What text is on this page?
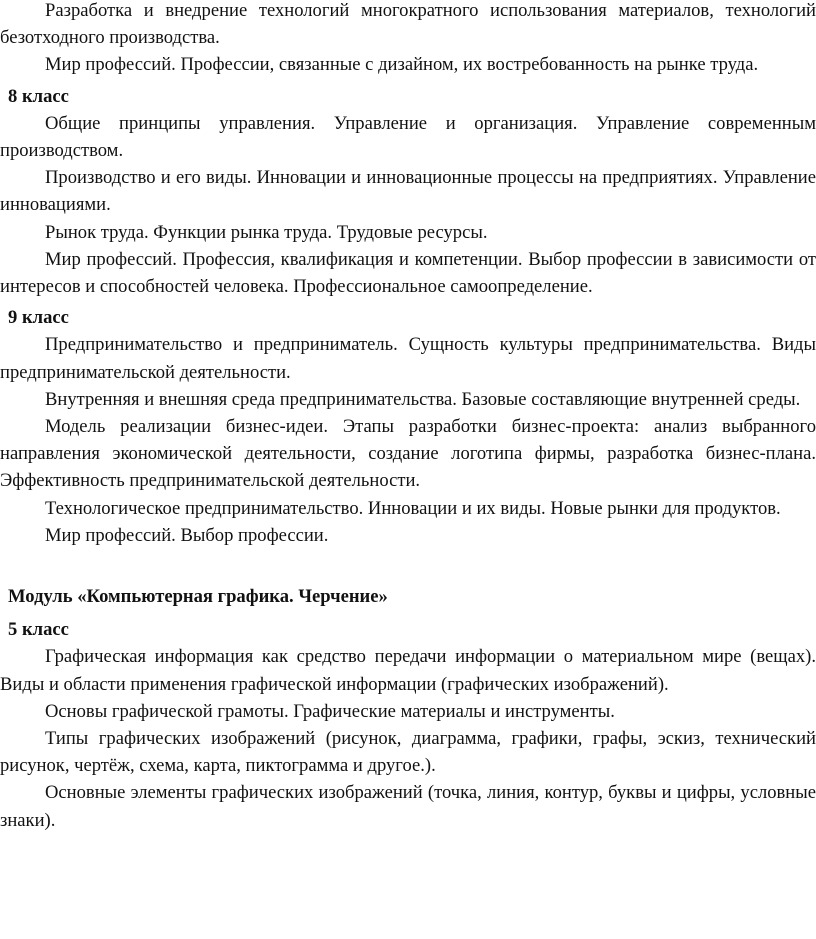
Разработка и внедрение технологий многократного использования материалов, технологий безотходного производства.

Мир профессий. Профессии, связанные с дизайном, их востребованность на рынке труда.

8 класс

Общие принципы управления. Управление и организация. Управление современным производством.

Производство и его виды. Инновации и инновационные процессы на предприятиях. Управление инновациями.

Рынок труда. Функции рынка труда. Трудовые ресурсы.

Мир профессий. Профессия, квалификация и компетенции. Выбор профессии в зависимости от интересов и способностей человека. Профессиональное самоопределение.

9 класс

Предпринимательство и предприниматель. Сущность культуры предпринимательства. Виды предпринимательской деятельности.

Внутренняя и внешняя среда предпринимательства. Базовые составляющие внутренней среды.

Модель реализации бизнес-идеи. Этапы разработки бизнес-проекта: анализ выбранного направления экономической деятельности, создание логотипа фирмы, разработка бизнес-плана. Эффективность предпринимательской деятельности.

Технологическое предпринимательство. Инновации и их виды. Новые рынки для продуктов.

Мир профессий. Выбор профессии.

Модуль «Компьютерная графика. Черчение»

5 класс

Графическая информация как средство передачи информации о материальном мире (вещах). Виды и области применения графической информации (графических изображений).

Основы графической грамоты. Графические материалы и инструменты.

Типы графических изображений (рисунок, диаграмма, графики, графы, эскиз, технический рисунок, чертёж, схема, карта, пиктограмма и другое.).

Основные элементы графических изображений (точка, линия, контур, буквы и цифры, условные знаки).
